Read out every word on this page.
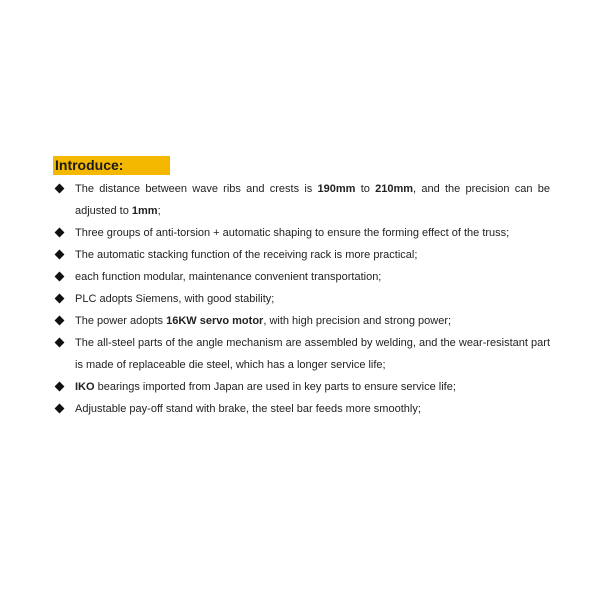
Introduce:
The distance between wave ribs and crests is 190mm to 210mm, and the precision can be adjusted to 1mm;
Three groups of anti-torsion + automatic shaping to ensure the forming effect of the truss;
The automatic stacking function of the receiving rack is more practical;
each function modular, maintenance convenient transportation;
PLC adopts Siemens, with good stability;
The power adopts 16KW servo motor, with high precision and strong power;
The all-steel parts of the angle mechanism are assembled by welding, and the wear-resistant part is made of replaceable die steel, which has a longer service life;
IKO bearings imported from Japan are used in key parts to ensure service life;
Adjustable pay-off stand with brake, the steel bar feeds more smoothly;
